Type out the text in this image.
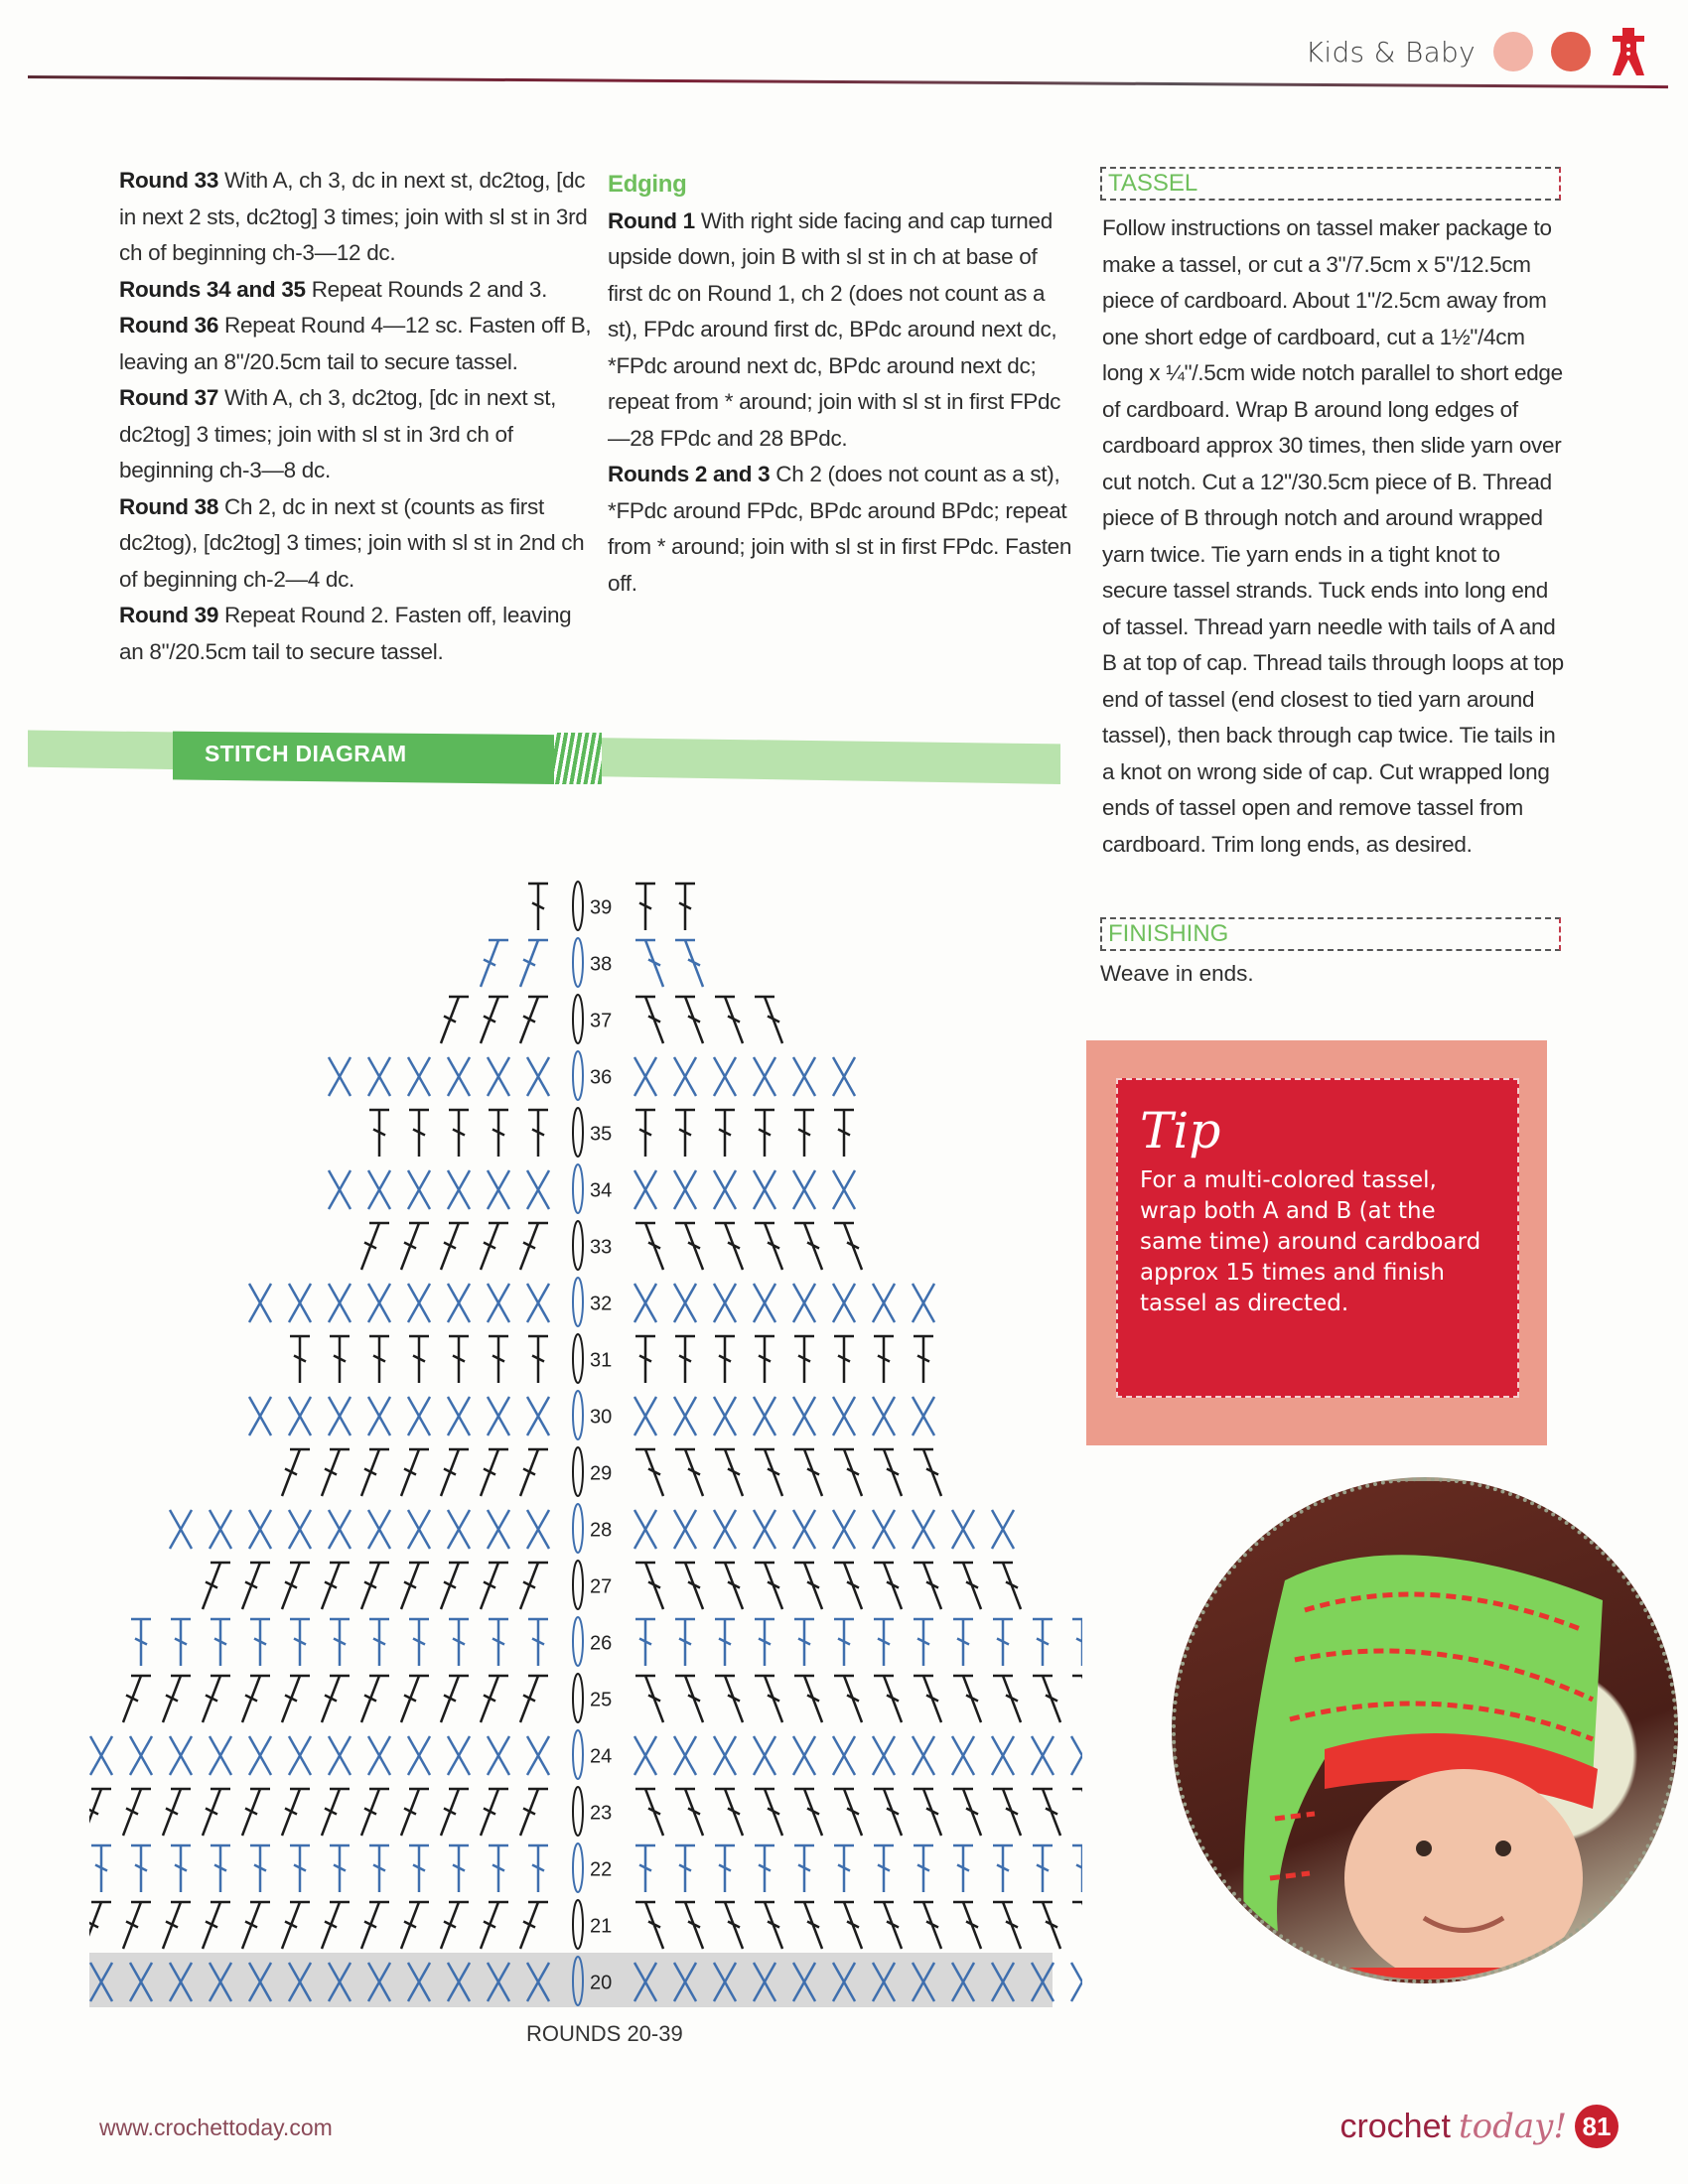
Kids & Baby

Round 33 With A, ch 3, dc in next st, dc2tog, [dc in next 2 sts, dc2tog] 3 times; join with sl st in 3rd ch of beginning ch-3—12 dc.

Rounds 34 and 35 Repeat Rounds 2 and 3.

Round 36 Repeat Round 4—12 sc. Fasten off B, leaving an 8"/20.5cm tail to secure tassel.

Round 37 With A, ch 3, dc2tog, [dc in next st, dc2tog] 3 times; join with sl st in 3rd ch of beginning ch-3—8 dc.

Round 38 Ch 2, dc in next st (counts as first dc2tog), [dc2tog] 3 times; join with sl st in 2nd ch of beginning ch-2—4 dc.

Round 39 Repeat Round 2. Fasten off, leaving an 8"/20.5cm tail to secure tassel.

Edging

Round 1 With right side facing and cap turned upside down, join B with sl st in ch at base of first dc on Round 1, ch 2 (does not count as a st), FPdc around first dc, BPdc around next dc, *FPdc around next dc, BPdc around next dc; repeat from * around; join with sl st in first FPdc—28 FPdc and 28 BPdc.

Rounds 2 and 3 Ch 2 (does not count as a st), *FPdc around FPdc, BPdc around BPdc; repeat from * around; join with sl st in first FPdc. Fasten off.

TASSEL
Follow instructions on tassel maker package to make a tassel, or cut a 3"/7.5cm x 5"/12.5cm piece of cardboard. About 1"/2.5cm away from one short edge of cardboard, cut a 1½"/4cm long x ¼"/.5cm wide notch parallel to short edge of cardboard. Wrap B around long edges of cardboard approx 30 times, then slide yarn over cut notch. Cut a 12"/30.5cm piece of B. Thread piece of B through notch and around wrapped yarn twice. Tie yarn ends in a tight knot to secure tassel strands. Tuck ends into long end of tassel. Thread yarn needle with tails of A and B at top of cap. Thread tails through loops at top end of tassel (end closest to tied yarn around tassel), then back through cap twice. Tie tails in a knot on wrong side of cap. Cut wrapped long ends of tassel open and remove tassel from cardboard. Trim long ends, as desired.
FINISHING
Weave in ends.
Tip
For a multi-colored tassel, wrap both A and B (at the same time) around cardboard approx 15 times and finish tassel as directed.
STITCH DIAGRAM
39
38
37
36
35
34
33
32
31
30
29
28
27
26
25
24
23
22
21
20
ROUNDS 20-39
www.crochettoday.com	crochet today! 81
